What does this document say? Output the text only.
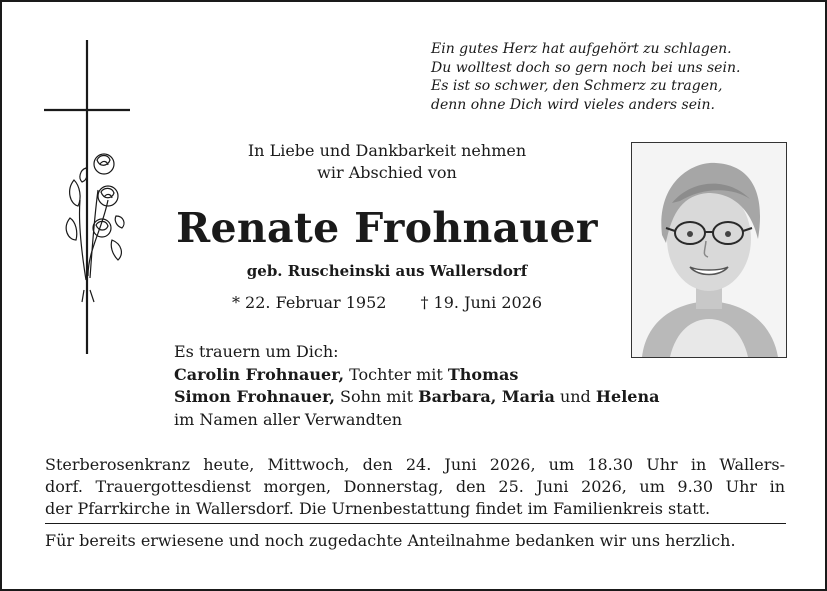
Ein gutes Herz hat aufgehört zu schlagen.
Du wolltest doch so gern noch bei uns sein.
Es ist so schwer, den Schmerz zu tragen,
denn ohne Dich wird vieles anders sein.
In Liebe und Dankbarkeit nehmen
wir Abschied von
Renate Frohnauer
geb. Ruscheinski aus Wallersdorf
* 22. Februar 1952 † 19. Juni 2026
Es trauern um Dich:
Carolin Frohnauer, Tochter mit Thomas
Simon Frohnauer, Sohn mit Barbara, Maria und Helena
im Namen aller Verwandten
Sterberosenkranz heute, Mittwoch, den 24. Juni 2026, um 18.30 Uhr in Wallers-
dorf. Trauergottesdienst morgen, Donnerstag, den 25. Juni 2026, um 9.30 Uhr in
der Pfarrkirche in Wallersdorf. Die Urnenbestattung findet im Familienkreis statt.
Für bereits erwiesene und noch zugedachte Anteilnahme bedanken wir uns herzlich.
